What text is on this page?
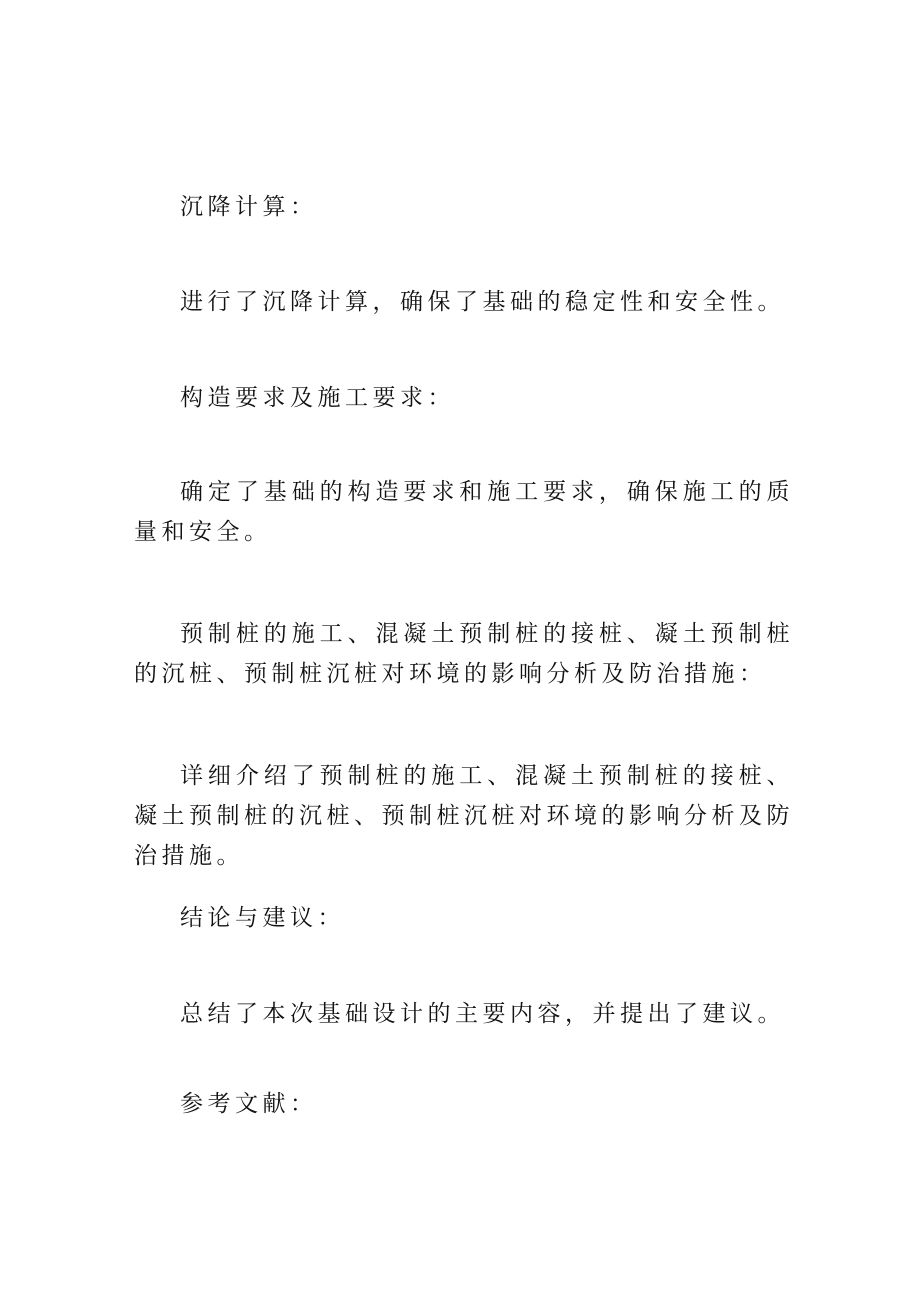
沉降计算：

进行了沉降计算，确保了基础的稳定性和安全性。

构造要求及施工要求：

确定了基础的构造要求和施工要求，确保施工的质量和安全。

预制桩的施工、混凝土预制桩的接桩、凝土预制桩的沉桩、预制桩沉桩对环境的影响分析及防治措施：

详细介绍了预制桩的施工、混凝土预制桩的接桩、凝土预制桩的沉桩、预制桩沉桩对环境的影响分析及防治措施。

结论与建议：

总结了本次基础设计的主要内容，并提出了建议。

参考文献：
